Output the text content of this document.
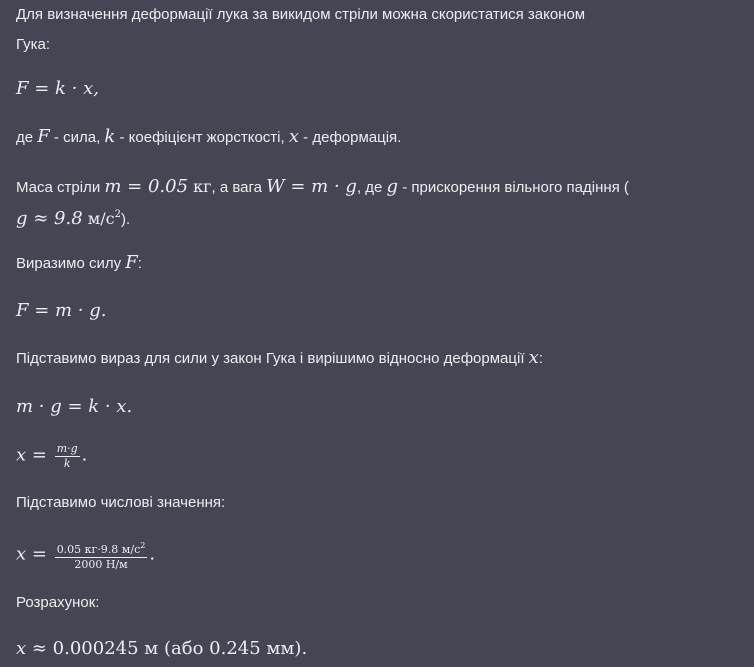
Для визначення деформації лука за викидом стріли можна скористатися законом
Гука:
F = k · x,
де F - сила, k - коефіцієнт жорсткості, x - деформація.
Маса стріли m = 0.05 кг, а вага W = m · g, де g - прискорення вільного падіння (
g ≈ 9.8 $м/с^2$).
Виразимо силу F:
F = m · g.
Підставимо вираз для сили у закон Гука і вирішимо відносно деформації x:
m · g = k · x.
$x = \frac{m\cdot g}{k}$ .
Підставимо числові значення:
$x = \frac{0.05 кг\cdot 9.8 м/с^2}{2000 Н/м}$ .
Розрахунок:
x ≈ 0.000245 м (або 0.245 мм).
